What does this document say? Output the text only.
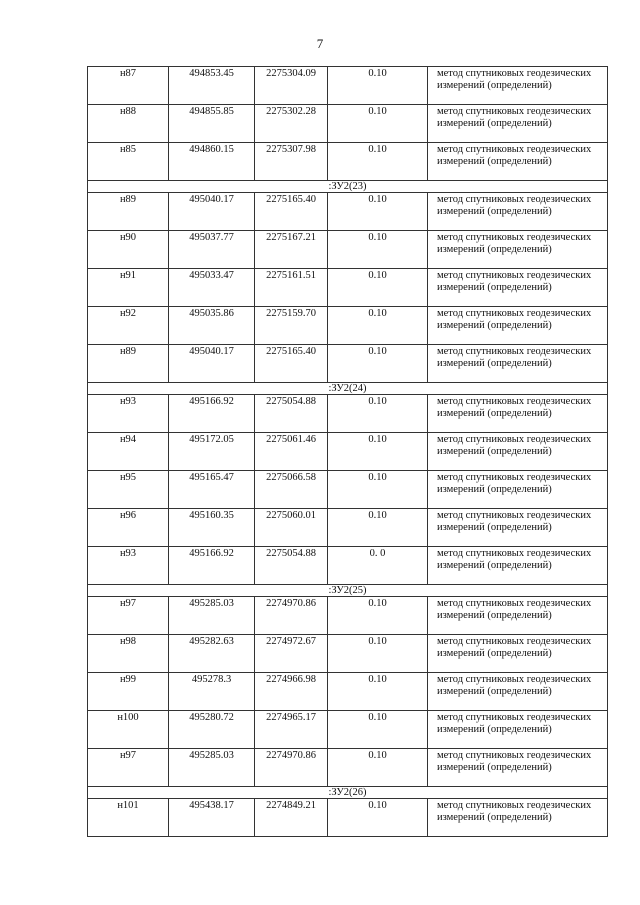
7
н87	494853.45	2275304.09	0.10	метод спутниковых геодезических измерений (определений)
н88	494855.85	2275302.28	0.10	метод спутниковых геодезических измерений (определений)
н85	494860.15	2275307.98	0.10	метод спутниковых геодезических измерений (определений)
:ЗУ2(23)				
н89	495040.17	2275165.40	0.10	метод спутниковых геодезических измерений (определений)
н90	495037.77	2275167.21	0.10	метод спутниковых геодезических измерений (определений)
н91	495033.47	2275161.51	0.10	метод спутниковых геодезических измерений (определений)
н92	495035.86	2275159.70	0.10	метод спутниковых геодезических измерений (определений)
н89	495040.17	2275165.40	0.10	метод спутниковых геодезических измерений (определений)
:ЗУ2(24)				
н93	495166.92	2275054.88	0.10	метод спутниковых геодезических измерений (определений)
н94	495172.05	2275061.46	0.10	метод спутниковых геодезических измерений (определений)
н95	495165.47	2275066.58	0.10	метод спутниковых геодезических измерений (определений)
н96	495160.35	2275060.01	0.10	метод спутниковых геодезических измерений (определений)
н93	495166.92	2275054.88	0. 0	метод спутниковых геодезических измерений (определений)
:ЗУ2(25)				
н97	495285.03	2274970.86	0.10	метод спутниковых геодезических измерений (определений)
н98	495282.63	2274972.67	0.10	метод спутниковых геодезических измерений (определений)
н99	495278.3	2274966.98	0.10	метод спутниковых геодезических измерений (определений)
н100	495280.72	2274965.17	0.10	метод спутниковых геодезических измерений (определений)
н97	495285.03	2274970.86	0.10	метод спутниковых геодезических измерений (определений)
:ЗУ2(26)				
н101	495438.17	2274849.21	0.10	метод спутниковых геодезических измерений (определений)
